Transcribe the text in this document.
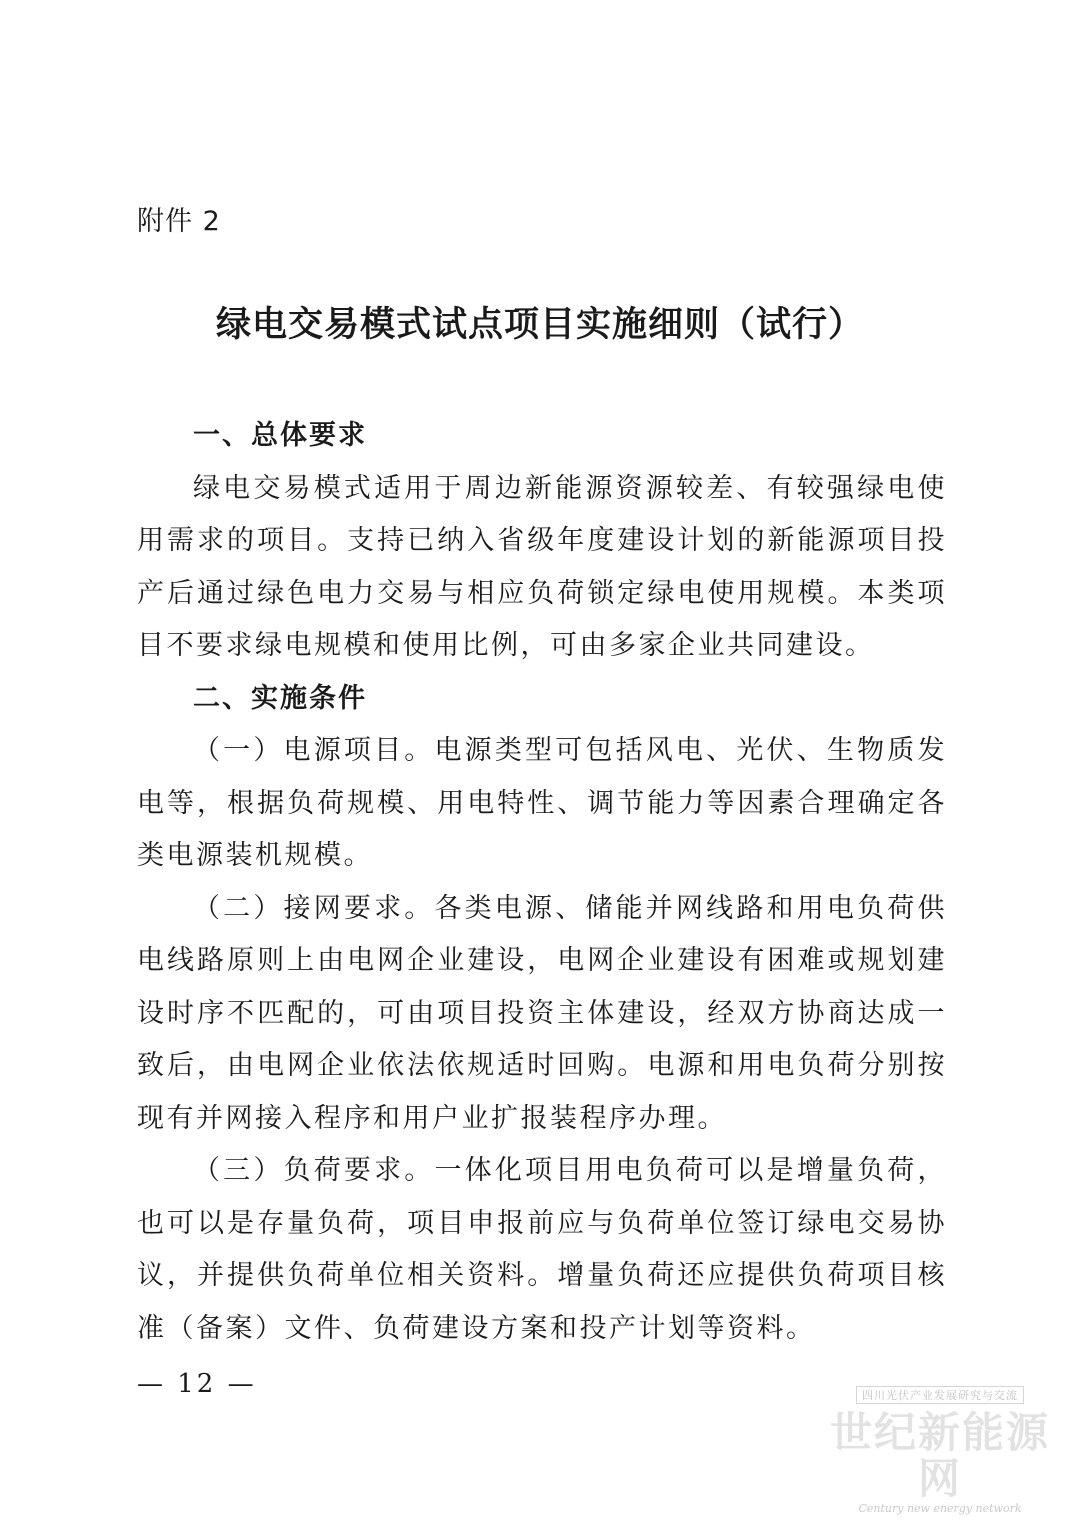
附件 2
绿电交易模式试点项目实施细则（试行）
一、总体要求

绿电交易模式适用于周边新能源资源较差、有较强绿电使用需求的项目。支持已纳入省级年度建设计划的新能源项目投产后通过绿色电力交易与相应负荷锁定绿电使用规模。本类项目不要求绿电规模和使用比例，可由多家企业共同建设。

二、实施条件

（一）电源项目。电源类型可包括风电、光伏、生物质发电等，根据负荷规模、用电特性、调节能力等因素合理确定各类电源装机规模。

（二）接网要求。各类电源、储能并网线路和用电负荷供电线路原则上由电网企业建设，电网企业建设有困难或规划建设时序不匹配的，可由项目投资主体建设，经双方协商达成一致后，由电网企业依法依规适时回购。电源和用电负荷分别按现有并网接入程序和用户业扩报装程序办理。

（三）负荷要求。一体化项目用电负荷可以是增量负荷，也可以是存量负荷，项目申报前应与负荷单位签订绿电交易协议，并提供负荷单位相关资料。增量负荷还应提供负荷项目核准（备案）文件、负荷建设方案和投产计划等资料。

— 12 —	四川光伏产业发展研究与交流
世纪新能源网
Century new energy network
